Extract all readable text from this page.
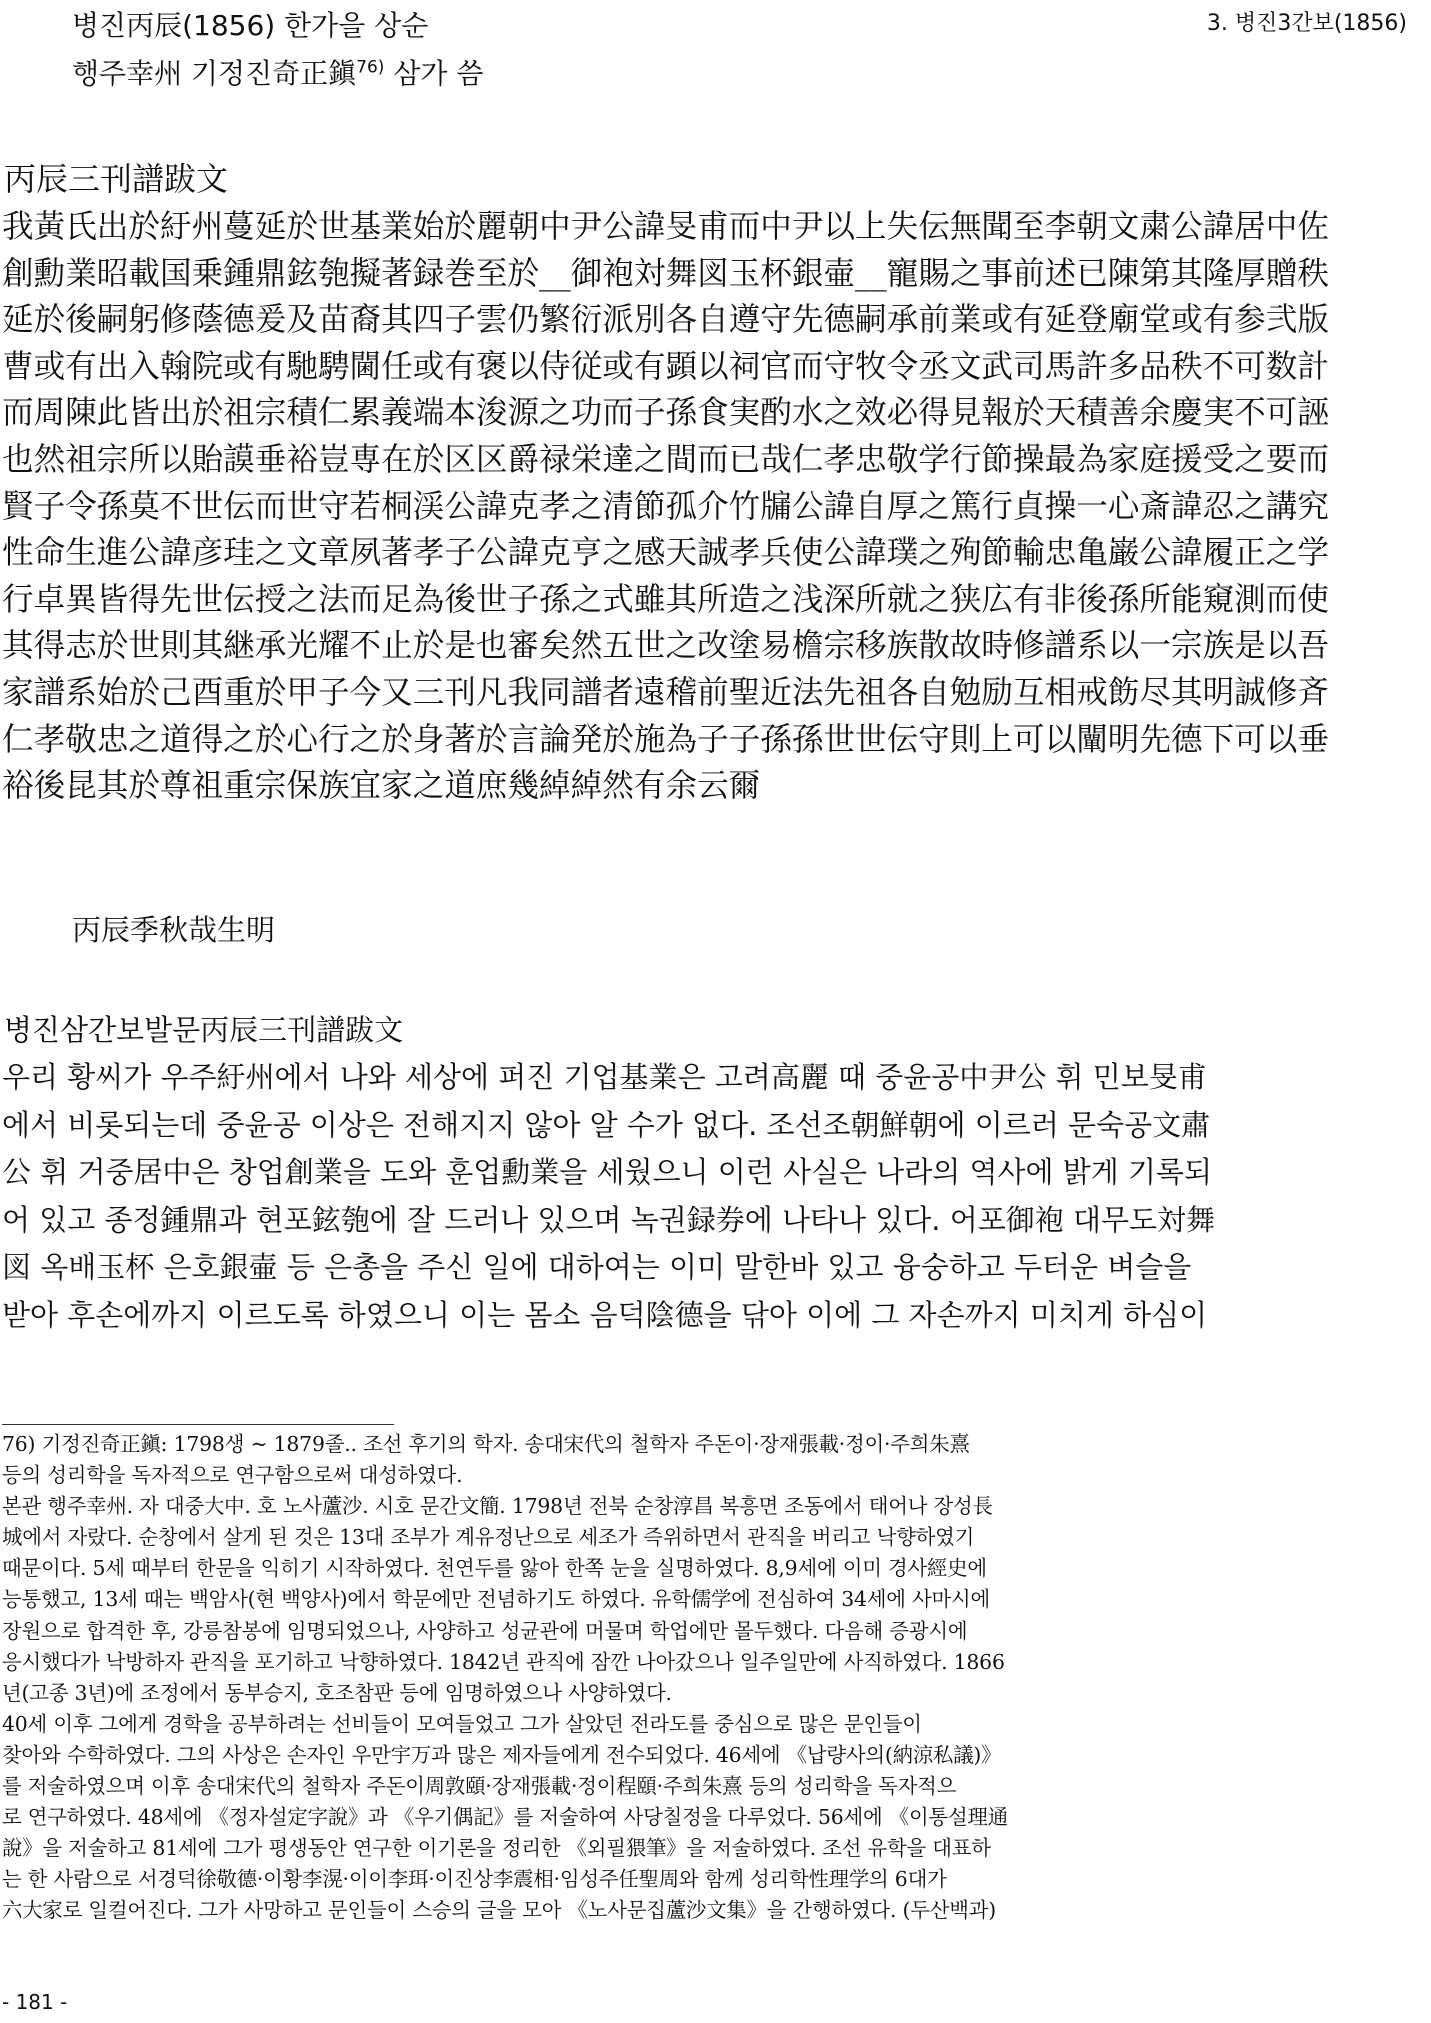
병진丙辰(1856) 한가을 상순
행주幸州 기정진奇正鎭$^{76)}$ 삼가 씀
3. 병진3간보(1856)
丙辰三刊譜跋文
我黃氏出於紆州蔓延於世基業始於麗朝中尹公諱旻甫而中尹以上失伝無聞至李朝文粛公諱居中佐
創勳業昭載国乗鍾鼎鉉匏擬著録巻至於__御袍対舞図玉杯銀壷__寵賜之事前述已陳第其隆厚贈秩
延於後嗣躬修蔭德爰及苗裔其四子雲仍繁衍派別各自遵守先德嗣承前業或有延登廟堂或有参弐版
曹或有出入翰院或有馳騁閫任或有褒以侍従或有顕以祠官而守牧令丞文武司馬許多品秩不可数計
而周陳此皆出於祖宗積仁累義端本浚源之功而子孫食実酌水之效必得見報於天積善余慶実不可誣
也然祖宗所以貽謨垂裕豈専在於区区爵禄栄達之間而已哉仁孝忠敬学行節操最為家庭援受之要而
賢子令孫莫不世伝而世守若桐渓公諱克孝之清節孤介竹牖公諱自厚之篤行貞操一心斎諱忍之講究
性命生進公諱彦珪之文章夙著孝子公諱克亨之感天誠孝兵使公諱璞之殉節輸忠亀巌公諱履正之学
行卓異皆得先世伝授之法而足為後世子孫之式雖其所造之浅深所就之狭広有非後孫所能窺測而使
其得志於世則其継承光耀不止於是也審矣然五世之改塗易檐宗移族散故時修譜系以一宗族是以吾
家譜系始於己酉重於甲子今又三刊凡我同譜者遠稽前聖近法先祖各自勉励互相戒飭尽其明誠修斉
仁孝敬忠之道得之於心行之於身著於言論発於施為子子孫孫世世伝守則上可以闡明先德下可以垂
裕後昆其於尊祖重宗保族宜家之道庶幾綽綽然有余云爾
丙辰季秋哉生明
병진삼간보발문丙辰三刊譜跋文
우리 황씨가 우주紆州에서 나와 세상에 퍼진 기업基業은 고려高麗 때 중윤공中尹公 휘 민보旻甫
에서 비롯되는데 중윤공 이상은 전해지지 않아 알 수가 없다. 조선조朝鮮朝에 이르러 문숙공文肅
公 휘 거중居中은 창업創業을 도와 훈업勳業을 세웠으니 이런 사실은 나라의 역사에 밝게 기록되
어 있고 종정鍾鼎과 현포鉉匏에 잘 드러나 있으며 녹권録券에 나타나 있다. 어포御袍 대무도対舞
図 옥배玉杯 은호銀壷 등 은총을 주신 일에 대하여는 이미 말한바 있고 융숭하고 두터운 벼슬을
받아 후손에까지 이르도록 하였으니 이는 몸소 음덕陰德을 닦아 이에 그 자손까지 미치게 하심이
76) 기정진奇正鎭: 1798생 ~ 1879졸.. 조선 후기의 학자. 송대宋代의 철학자 주돈이·장재張載·정이·주희朱熹
등의 성리학을 독자적으로 연구함으로써 대성하였다.
본관 행주幸州. 자 대중大中. 호 노사蘆沙. 시호 문간文簡. 1798년 전북 순창淳昌 복흥면 조동에서 태어나 장성長
城에서 자랐다. 순창에서 살게 된 것은 13대 조부가 계유정난으로 세조가 즉위하면서 관직을 버리고 낙향하였기
때문이다. 5세 때부터 한문을 익히기 시작하였다. 천연두를 앓아 한쪽 눈을 실명하였다. 8,9세에 이미 경사經史에
능통했고, 13세 때는 백암사(현 백양사)에서 학문에만 전념하기도 하였다. 유학儒学에 전심하여 34세에 사마시에
장원으로 합격한 후, 강릉참봉에 임명되었으나, 사양하고 성균관에 머물며 학업에만 몰두했다. 다음해 증광시에
응시했다가 낙방하자 관직을 포기하고 낙향하였다. 1842년 관직에 잠깐 나아갔으나 일주일만에 사직하였다. 1866
년(고종 3년)에 조정에서 동부승지, 호조참판 등에 임명하였으나 사양하였다.
40세 이후 그에게 경학을 공부하려는 선비들이 모여들었고 그가 살았던 전라도를 중심으로 많은 문인들이
찾아와 수학하였다. 그의 사상은 손자인 우만宇万과 많은 제자들에게 전수되었다. 46세에 《납량사의(納涼私議)》
를 저술하였으며 이후 송대宋代의 철학자 주돈이周敦頤·장재張載·정이程頤·주희朱熹 등의 성리학을 독자적으
로 연구하였다. 48세에 《정자설定字說》과 《우기偶記》를 저술하여 사당칠정을 다루었다. 56세에 《이통설理通
說》을 저술하고 81세에 그가 평생동안 연구한 이기론을 정리한 《외필猥筆》을 저술하였다. 조선 유학을 대표하
는 한 사람으로 서경덕徐敬德·이황李滉·이이李珥·이진상李震相·임성주任聖周와 함께 성리학性理学의 6대가
六大家로 일컬어진다. 그가 사망하고 문인들이 스승의 글을 모아 《노사문집蘆沙文集》을 간행하였다. (두산백과)
- 181 -
